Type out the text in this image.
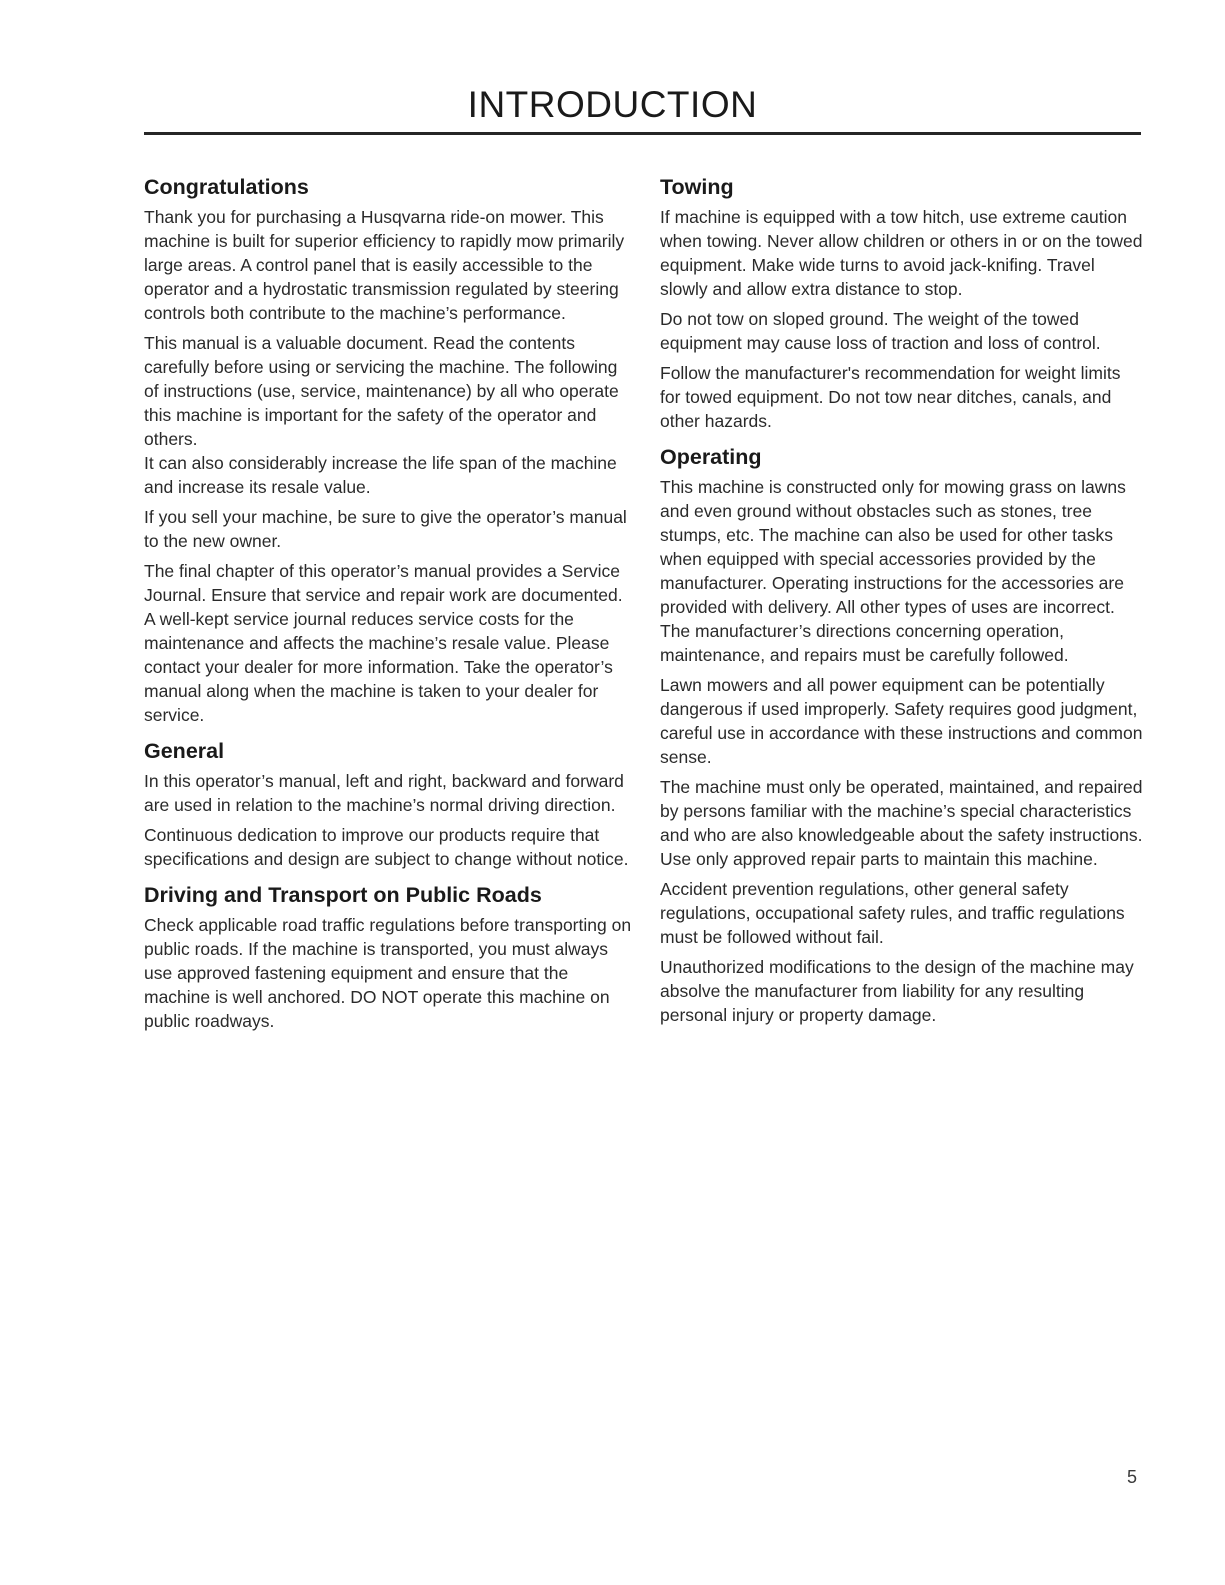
INTRODUCTION
Congratulations

Thank you for purchasing a Husqvarna ride-on mower. This machine is built for superior efficiency to rapidly mow primarily large areas. A control panel that is easily accessible to the operator and a hydrostatic transmission regulated by steering controls both contribute to the machine’s performance.

This manual is a valuable document. Read the contents carefully before using or servicing the machine. The following of instructions (use, service, maintenance) by all who operate this machine is important for the safety of the operator and others.

It can also considerably increase the life span of the machine and increase its resale value.

If you sell your machine, be sure to give the operator’s manual to the new owner.

The final chapter of this operator’s manual provides a Service Journal. Ensure that service and repair work are documented. A well-kept service journal reduces service costs for the maintenance and affects the machine’s resale value. Please contact your dealer for more information. Take the operator’s manual along when the machine is taken to your dealer for service.

General

In this operator’s manual, left and right, backward and forward are used in relation to the machine’s normal driving direction.

Continuous dedication to improve our products require that specifications and design are subject to change without notice.

Driving and Transport on Public Roads

Check applicable road traffic regulations before transporting on public roads. If the machine is transported, you must always use approved fastening equipment and ensure that the machine is well anchored. DO NOT operate this machine on public roadways.

Towing

If machine is equipped with a tow hitch, use extreme caution when towing. Never allow children or others in or on the towed equipment. Make wide turns to avoid jack-knifing. Travel slowly and allow extra distance to stop.

Do not tow on sloped ground. The weight of the towed equipment may cause loss of traction and loss of control.

Follow the manufacturer's recommendation for weight limits for towed equipment. Do not tow near ditches, canals, and other hazards.

Operating

This machine is constructed only for mowing grass on lawns and even ground without obstacles such as stones, tree stumps, etc. The machine can also be used for other tasks when equipped with special accessories provided by the manufacturer. Operating instructions for the accessories are provided with delivery. All other types of uses are incorrect. The manufacturer’s directions concerning operation, maintenance, and repairs must be carefully followed.

Lawn mowers and all power equipment can be potentially dangerous if used improperly. Safety requires good judgment, careful use in accordance with these instructions and common sense.

The machine must only be operated, maintained, and repaired by persons familiar with the machine’s special characteristics and who are also knowledgeable about the safety instructions. Use only approved repair parts to maintain this machine.

Accident prevention regulations, other general safety regulations, occupational safety rules, and traffic regulations must be followed without fail.

Unauthorized modifications to the design of the machine may absolve the manufacturer from liability for any resulting personal injury or property damage.

5
